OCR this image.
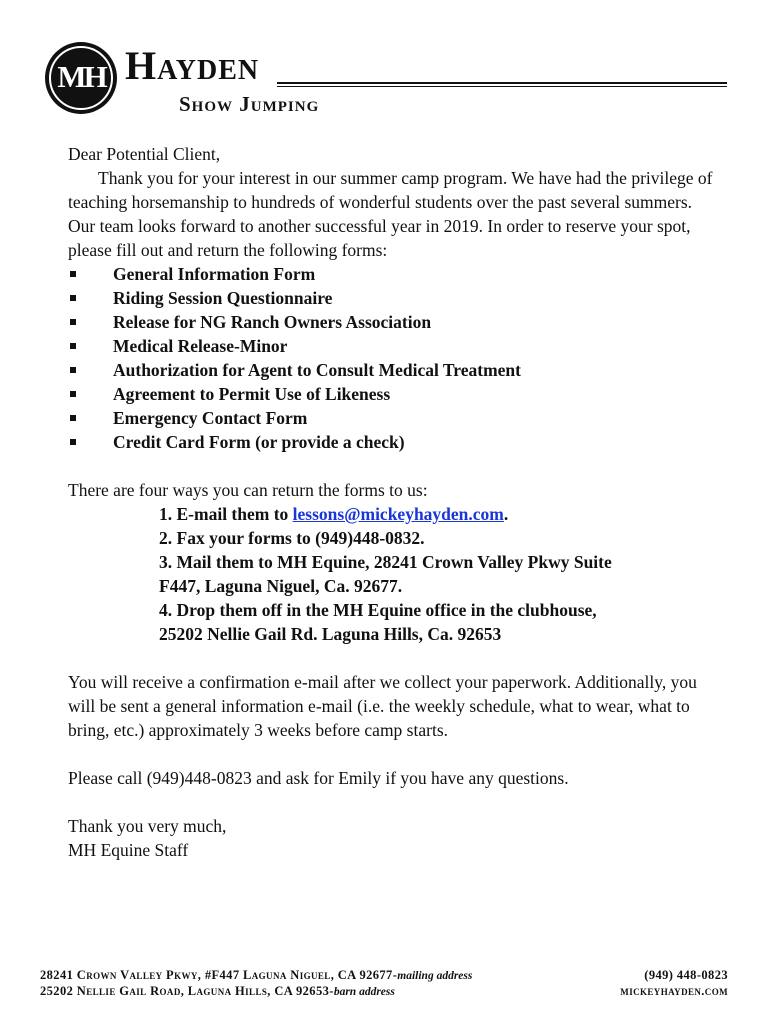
MH Hayden
Show Jumping

Dear Potential Client,

Thank you for your interest in our summer camp program. We have had the privilege of teaching horsemanship to hundreds of wonderful students over the past several summers. Our team looks forward to another successful year in 2019. In order to reserve your spot, please fill out and return the following forms:

General Information Form
Riding Session Questionnaire
Release for NG Ranch Owners Association
Medical Release-Minor
Authorization for Agent to Consult Medical Treatment
Agreement to Permit Use of Likeness
Emergency Contact Form
Credit Card Form (or provide a check)

There are four ways you can return the forms to us:

1. E-mail them to lessons@mickeyhayden.com.

2. Fax your forms to (949)448-0832.

3. Mail them to MH Equine, 28241 Crown Valley Pkwy Suite

F447, Laguna Niguel, Ca. 92677.

4. Drop them off in the MH Equine office in the clubhouse,

25202 Nellie Gail Rd. Laguna Hills, Ca. 92653

You will receive a confirmation e-mail after we collect your paperwork. Additionally, you will be sent a general information e-mail (i.e. the weekly schedule, what to wear, what to bring, etc.) approximately 3 weeks before camp starts.

Please call (949)448-0823 and ask for Emily if you have any questions.

Thank you very much,

MH Equine Staff

28241 Crown Valley Pkwy, #F447 Laguna Niguel, CA 92677-mailing address
25202 Nellie Gail Road, Laguna Hills, CA 92653-barn address
(949) 448-0823
mickeyhayden.com
